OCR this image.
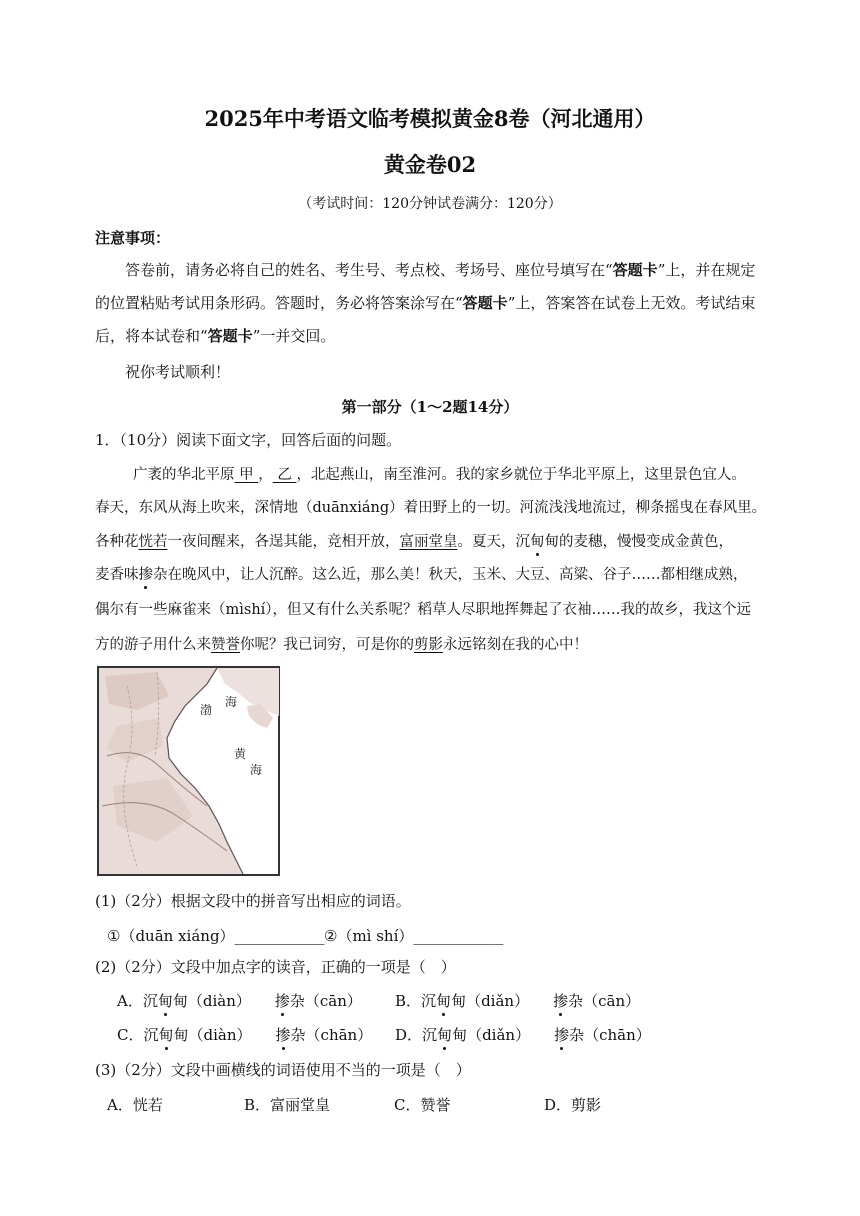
2025年中考语文临考模拟黄金8卷（河北通用）
黄金卷02
（考试时间：120分钟试卷满分：120分）
注意事项：
答卷前，请务必将自己的姓名、考生号、考点校、考场号、座位号填写在“答题卡”上，并在规定
的位置粘贴考试用条形码。答题时，务必将答案涂写在“答题卡”上，答案答在试卷上无效。考试结束
后，将本试卷和“答题卡”一并交回。
祝你考试顺利！
第一部分（1～2题14分）
1．（10分）阅读下面文字，回答后面的问题。
广袤的华北平原 甲 ， 乙 ，北起燕山，南至淮河。我的家乡就位于华北平原上，这里景色宜人。
春天，东风从海上吹来，深情地（duānxiáng）着田野上的一切。河流浅浅地流过，柳条摇曳在春风里。
各种花恍若一夜间醒来，各逞其能，竞相开放，富丽堂皇。夏天，沉甸甸的麦穗，慢慢变成金黄色，
麦香味掺杂在晚风中，让人沉醉。这么近，那么美！秋天，玉米、大豆、高粱、谷子……都相继成熟，
偶尔有一些麻雀来（mìshí），但又有什么关系呢？稻草人尽职地挥舞起了衣袖……我的故乡，我这个远
方的游子用什么来赞誉你呢？我已词穷，可是你的剪影永远铭刻在我的心中！
渤
海
黄
海
(1)（2分）根据文段中的拼音写出相应的词语。
①（duān xiáng）____________ ②（mì shí）____________
(2)（2分）文段中加点字的读音，正确的一项是（　）
A．沉甸甸（diàn） 掺杂（cān） B．沉甸甸（diǎn） 掺杂（cān）
C．沉甸甸（diàn） 掺杂（chān） D．沉甸甸（diǎn） 掺杂（chān）
(3)（2分）文段中画横线的词语使用不当的一项是（　）
A．恍若	B．富丽堂皇	C．赞誉	D．剪影
